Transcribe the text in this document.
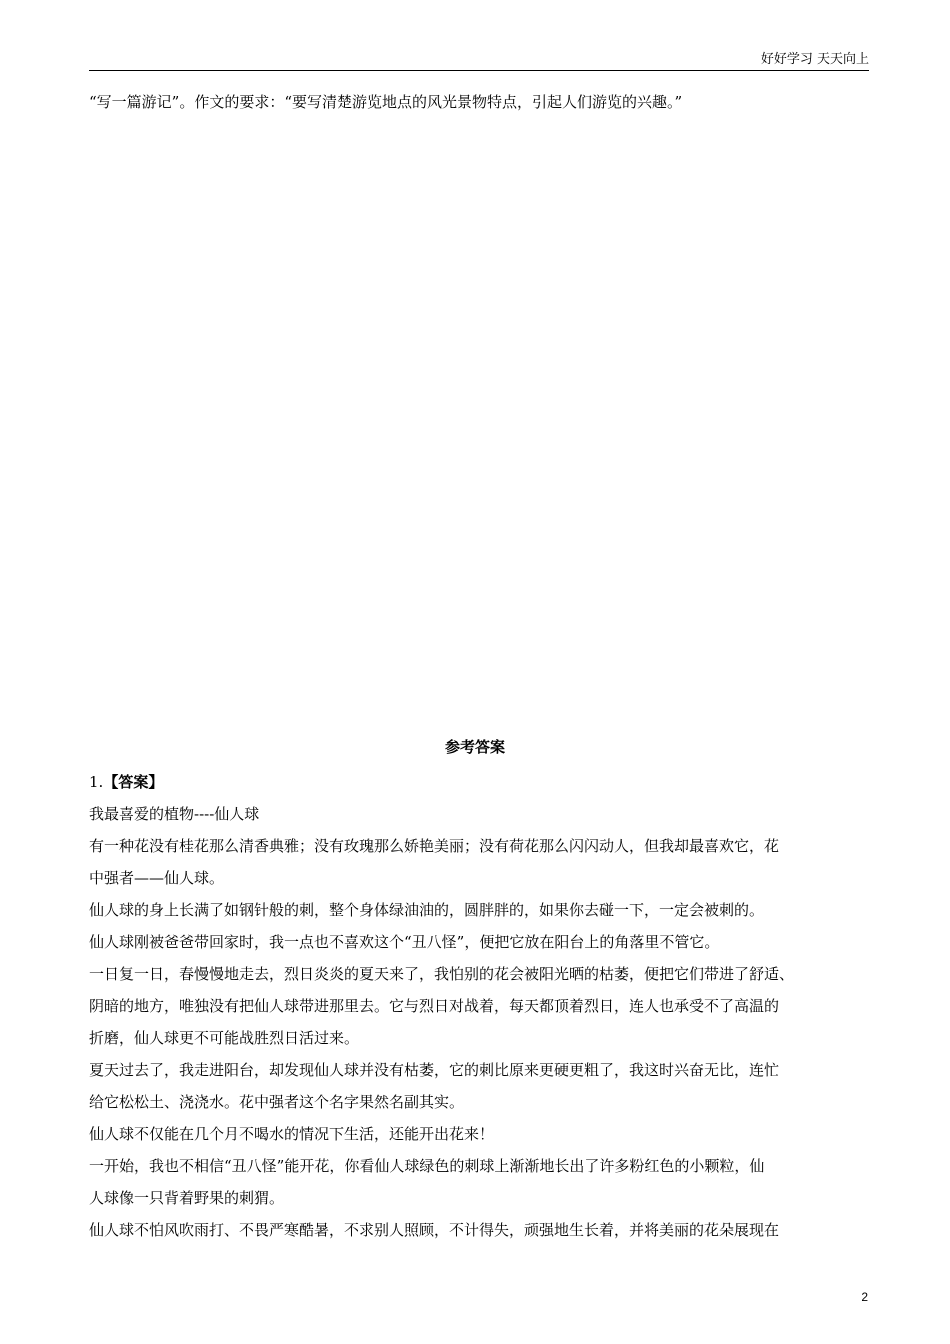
好好学习 天天向上
“写一篇游记”。作文的要求：“要写清楚游览地点的风光景物特点，引起人们游览的兴趣。”
参考答案
1.【答案】
我最喜爱的植物----仙人球
有一种花没有桂花那么清香典雅；没有玫瑰那么娇艳美丽；没有荷花那么闪闪动人，但我却最喜欢它，花
中强者——仙人球。
仙人球的身上长满了如钢针般的刺，整个身体绿油油的，圆胖胖的，如果你去碰一下，一定会被刺的。
仙人球刚被爸爸带回家时，我一点也不喜欢这个“丑八怪”，便把它放在阳台上的角落里不管它。
一日复一日，春慢慢地走去，烈日炎炎的夏天来了，我怕别的花会被阳光晒的枯萎，便把它们带进了舒适、
阴暗的地方，唯独没有把仙人球带进那里去。它与烈日对战着，每天都顶着烈日，连人也承受不了高温的
折磨，仙人球更不可能战胜烈日活过来。
夏天过去了，我走进阳台，却发现仙人球并没有枯萎，它的刺比原来更硬更粗了，我这时兴奋无比，连忙
给它松松土、浇浇水。花中强者这个名字果然名副其实。
仙人球不仅能在几个月不喝水的情况下生活，还能开出花来！
一开始，我也不相信“丑八怪”能开花，你看仙人球绿色的刺球上渐渐地长出了许多粉红色的小颗粒，仙
人球像一只背着野果的刺猬。
仙人球不怕风吹雨打、不畏严寒酷暑，不求别人照顾，不计得失，顽强地生长着，并将美丽的花朵展现在
2
